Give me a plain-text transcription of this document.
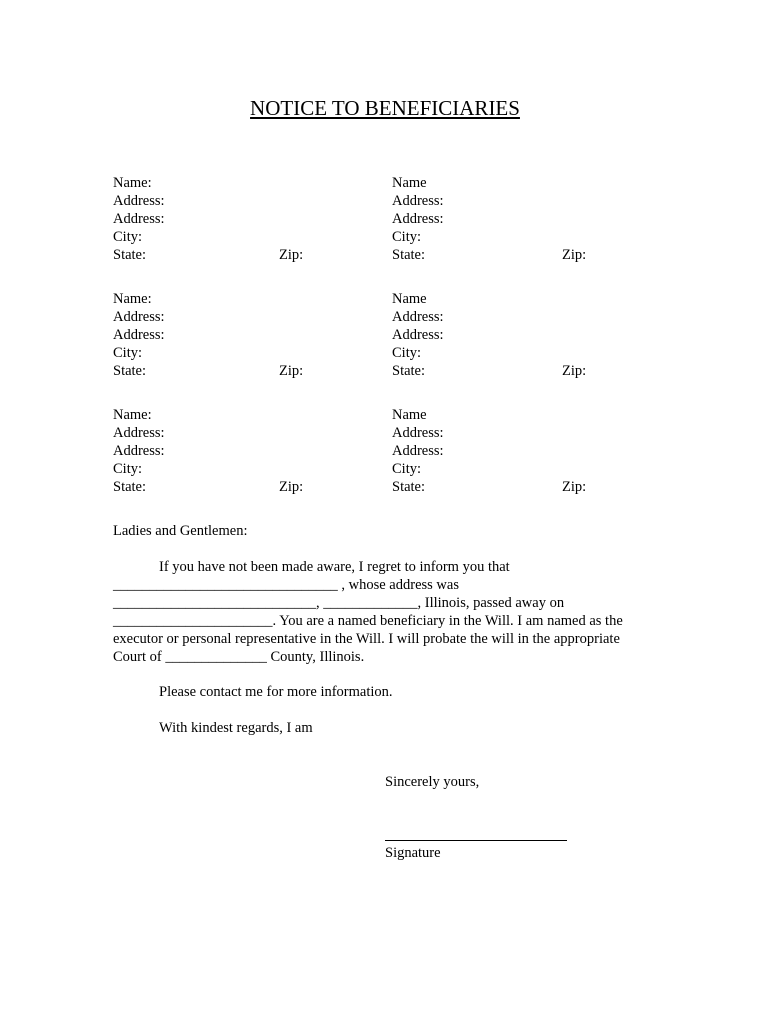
NOTICE TO BENEFICIARIES
Name:
Address:
Address:
City:
State:	Zip:
Name
Address:
Address:
City:
State:	Zip:
Name:
Address:
Address:
City:
State:	Zip:
Name
Address:
Address:
City:
State:	Zip:
Name:
Address:
Address:
City:
State:	Zip:
Name
Address:
Address:
City:
State:	Zip:
Ladies and Gentlemen:
If you have not been made aware, I regret to inform you that
_______________________________ , whose address was
____________________________, _____________, Illinois, passed away on
______________________. You are a named beneficiary in the Will. I am named as the
executor or personal representative in the Will. I will probate the will in the appropriate
Court of ______________ County, Illinois.
Please contact me for more information.
With kindest regards, I am
Sincerely yours,
Signature
